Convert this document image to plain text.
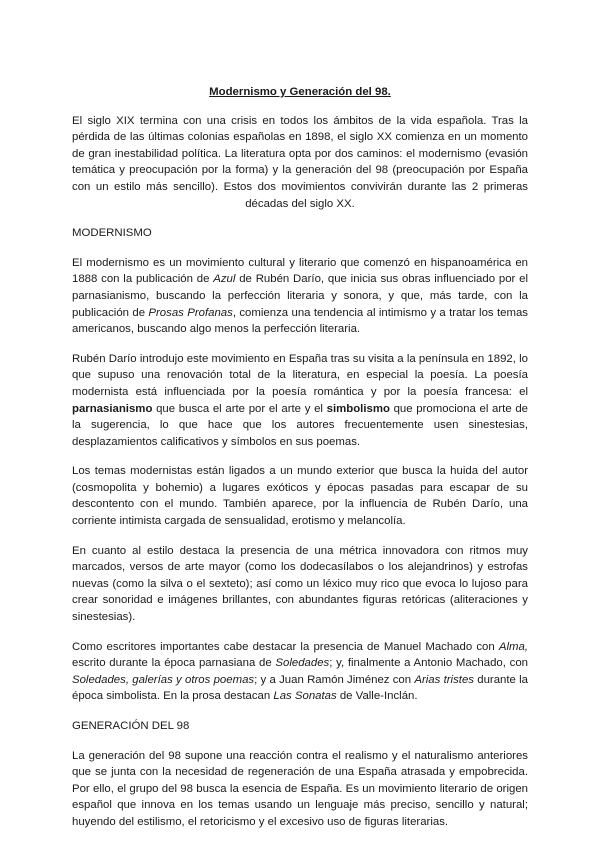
Modernismo y Generación del 98.

El siglo XIX termina con una crisis en todos los ámbitos de la vida española. Tras la pérdida de las últimas colonias españolas en 1898, el siglo XX comienza en un momento de gran inestabilidad política. La literatura opta por dos caminos: el modernismo (evasión temática y preocupación por la forma) y la generación del 98 (preocupación por España con un estilo más sencillo). Estos dos movimientos convivirán durante las 2 primeras décadas del siglo XX.

MODERNISMO

El modernismo es un movimiento cultural y literario que comenzó en hispanoamérica en 1888 con la publicación de Azul de Rubén Darío, que inicia sus obras influenciado por el parnasianismo, buscando la perfección literaria y sonora, y que, más tarde, con la publicación de Prosas Profanas, comienza una tendencia al intimismo y a tratar los temas americanos, buscando algo menos la perfección literaria.

Rubén Darío introdujo este movimiento en España tras su visita a la península en 1892, lo que supuso una renovación total de la literatura, en especial la poesía. La poesía modernista está influenciada por la poesía romántica y por la poesía francesa: el parnasianismo que busca el arte por el arte y el simbolismo que promociona el arte de la sugerencia, lo que hace que los autores frecuentemente usen sinestesias, desplazamientos calificativos y símbolos en sus poemas.

Los temas modernistas están ligados a un mundo exterior que busca la huida del autor (cosmopolita y bohemio) a lugares exóticos y épocas pasadas para escapar de su descontento con el mundo. También aparece, por la influencia de Rubén Darío, una corriente intimista cargada de sensualidad, erotismo y melancolía.

En cuanto al estilo destaca la presencia de una métrica innovadora con ritmos muy marcados, versos de arte mayor (como los dodecasílabos o los alejandrinos) y estrofas nuevas (como la silva o el sexteto); así como un léxico muy rico que evoca lo lujoso para crear sonoridad e imágenes brillantes, con abundantes figuras retóricas (aliteraciones y sinestesias).

Como escritores importantes cabe destacar la presencia de Manuel Machado con Alma, escrito durante la época parnasiana de Soledades; y, finalmente a Antonio Machado, con Soledades, galerías y otros poemas; y a Juan Ramón Jiménez con Arias tristes durante la época simbolista. En la prosa destacan Las Sonatas de Valle-Inclán.

GENERACIÓN DEL 98

La generación del 98 supone una reacción contra el realismo y el naturalismo anteriores que se junta con la necesidad de regeneración de una España atrasada y empobrecida. Por ello, el grupo del 98 busca la esencia de España. Es un movimiento literario de origen español que innova en los temas usando un lenguaje más preciso, sencillo y natural; huyendo del estilismo, el retoricismo y el excesivo uso de figuras literarias.
